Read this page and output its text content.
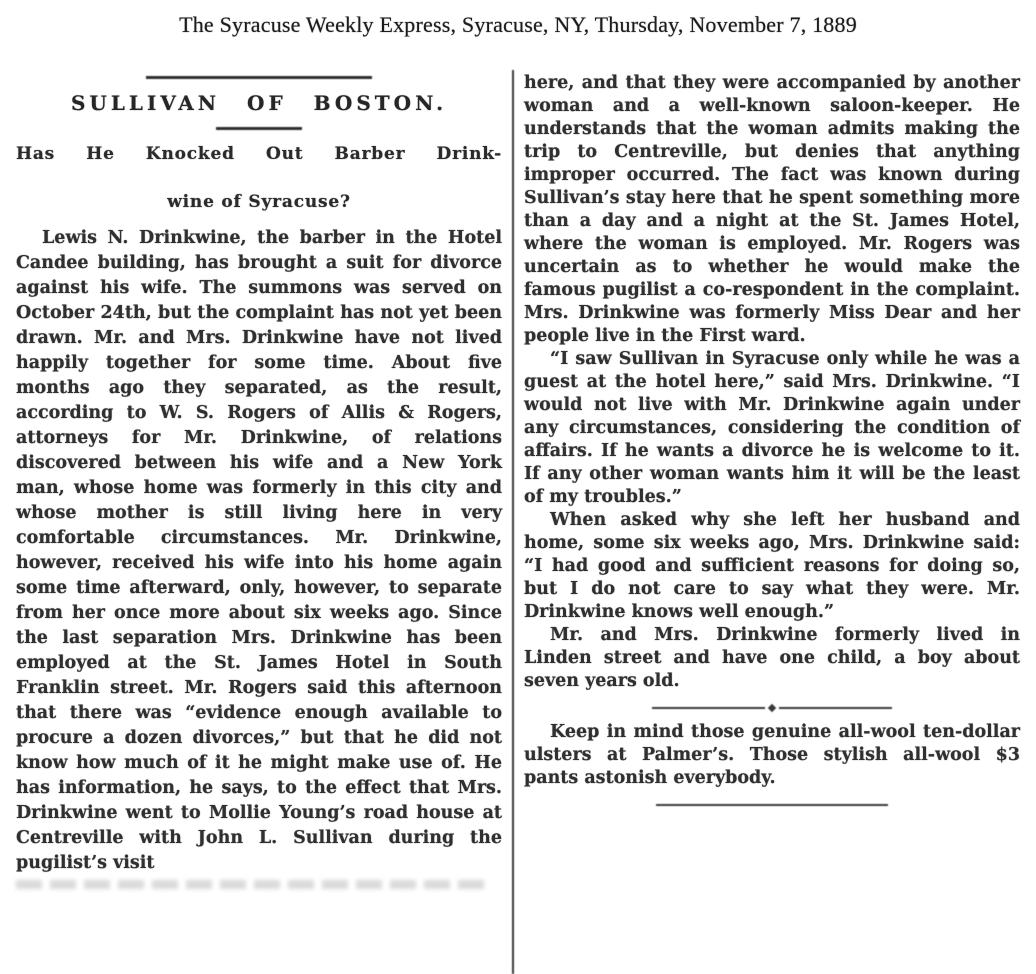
The Syracuse Weekly Express, Syracuse, NY, Thursday, November 7, 1889
SULLIVAN OF BOSTON.
Has He Knocked Out Barber Drink-
wine of Syracuse?
Lewis N. Drinkwine, the barber in the Hotel Candee building, has brought a suit for divorce against his wife. The summons was served on October 24th, but the complaint has not yet been drawn. Mr. and Mrs. Drinkwine have not lived happily together for some time. About five months ago they separated, as the result, according to W. S. Rogers of Allis & Rogers, attorneys for Mr. Drinkwine, of relations discovered between his wife and a New York man, whose home was formerly in this city and whose mother is still living here in very comfortable circumstances. Mr. Drinkwine, however, received his wife into his home again some time afterward, only, however, to separate from her once more about six weeks ago. Since the last separation Mrs. Drinkwine has been employed at the St. James Hotel in South Franklin street. Mr. Rogers said this afternoon that there was “evidence enough available to procure a dozen divorces,” but that he did not know how much of it he might make use of. He has information, he says, to the effect that Mrs. Drinkwine went to Mollie Young’s road house at Centreville with John L. Sullivan during the pugilist’s visit

here, and that they were accompanied by another woman and a well-known saloon-keeper. He understands that the woman admits making the trip to Centreville, but denies that anything improper occurred. The fact was known during Sullivan’s stay here that he spent something more than a day and a night at the St. James Hotel, where the woman is employed. Mr. Rogers was uncertain as to whether he would make the famous pugilist a co-respondent in the complaint. Mrs. Drinkwine was formerly Miss Dear and her people live in the First ward.

“I saw Sullivan in Syracuse only while he was a guest at the hotel here,” said Mrs. Drinkwine. “I would not live with Mr. Drinkwine again under any circumstances, considering the condition of affairs. If he wants a divorce he is welcome to it. If any other woman wants him it will be the least of my troubles.”

When asked why she left her husband and home, some six weeks ago, Mrs. Drinkwine said: “I had good and sufficient reasons for doing so, but I do not care to say what they were. Mr. Drinkwine knows well enough.”

Mr. and Mrs. Drinkwine formerly lived in Linden street and have one child, a boy about seven years old.

Keep in mind those genuine all-wool ten-dollar ulsters at Palmer’s. Those stylish all-wool $3 pants astonish everybody.
